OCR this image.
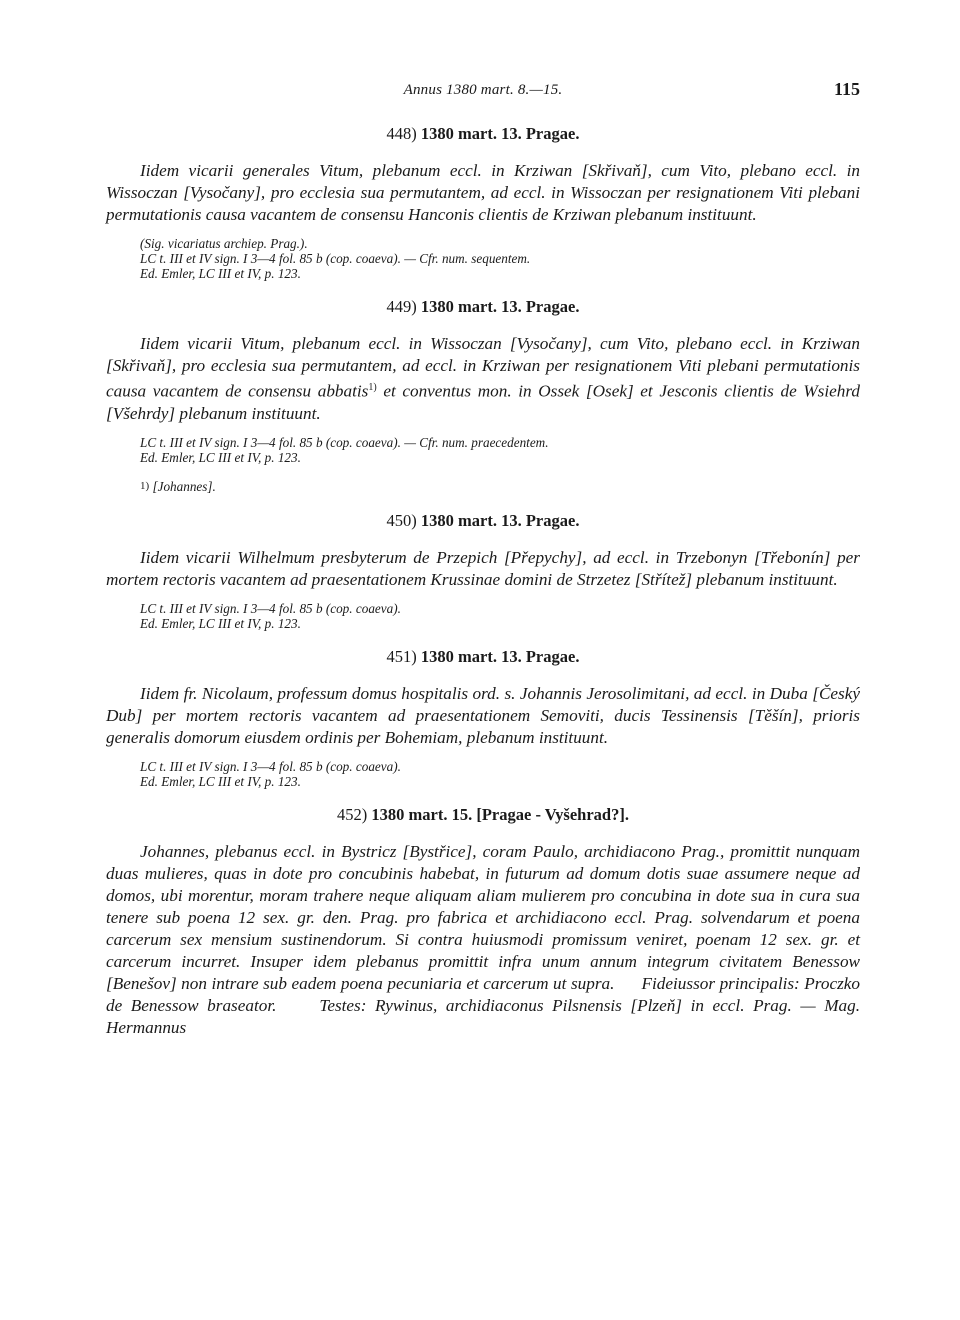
Annus 1380 mart. 8.—15.	115
448) 1380 mart. 13. Pragae.

Iidem vicarii generales Vitum, plebanum eccl. in Krziwan [Skřivaň], cum Vito, plebano eccl. in Wissoczan [Vysočany], pro ecclesia sua permutantem, ad eccl. in Wissoczan per resignationem Viti plebani permutationis causa vacantem de consensu Hanconis clientis de Krziwan plebanum instituunt.

(Sig. vicariatus archiep. Prag.).
LC t. III et IV sign. I 3—4 fol. 85 b (cop. coaeva). — Cfr. num. sequentem.
Ed. Emler, LC III et IV, p. 123.
449) 1380 mart. 13. Pragae.

Iidem vicarii Vitum, plebanum eccl. in Wissoczan [Vysočany], cum Vito, plebano eccl. in Krziwan [Skřivaň], pro ecclesia sua permutantem, ad eccl. in Krziwan per resignationem Viti plebani permutationis causa vacantem de consensu abbatis$^{1)}$ et conventus mon. in Ossek [Osek] et Jesconis clientis de Wsiehrd [Všehrdy] plebanum instituunt.

LC t. III et IV sign. I 3—4 fol. 85 b (cop. coaeva). — Cfr. num. praecedentem.
Ed. Emler, LC III et IV, p. 123.
1) [Johannes].
450) 1380 mart. 13. Pragae.

Iidem vicarii Wilhelmum presbyterum de Przepich [Přepychy], ad eccl. in Trzebonyn [Třebonín] per mortem rectoris vacantem ad praesentationem Krussinae domini de Strzetez [Střítež] plebanum instituunt.

LC t. III et IV sign. I 3—4 fol. 85 b (cop. coaeva).
Ed. Emler, LC III et IV, p. 123.
451) 1380 mart. 13. Pragae.

Iidem fr. Nicolaum, professum domus hospitalis ord. s. Johannis Jerosolimitani, ad eccl. in Duba [Český Dub] per mortem rectoris vacantem ad praesentationem Semoviti, ducis Tessinensis [Těšín], prioris generalis domorum eiusdem ordinis per Bohemiam, plebanum instituunt.

LC t. III et IV sign. I 3—4 fol. 85 b (cop. coaeva).
Ed. Emler, LC III et IV, p. 123.
452) 1380 mart. 15. [Pragae - Vyšehrad?].

Johannes, plebanus eccl. in Bystricz [Bystřice], coram Paulo, archidiacono Prag., promittit nunquam duas mulieres, quas in dote pro concubinis habebat, in futurum ad domum dotis suae assumere neque ad domos, ubi morentur, moram trahere neque aliquam aliam mulierem pro concubina in dote sua in cura sua tenere sub poena 12 sex. gr. den. Prag. pro fabrica et archidiacono eccl. Prag. solvendarum et poena carcerum sex mensium sustinendorum. Si contra huiusmodi promissum veniret, poenam 12 sex. gr. et carcerum incurret. Insuper idem plebanus promittit infra unum annum integrum civitatem Benessow [Benešov] non intrare sub eadem poena pecuniaria et carcerum ut supra.      Fideiussor principalis: Proczko de Benessow braseator.     Testes: Rywinus, archidiaconus Pilsnensis [Plzeň] in eccl. Prag. — Mag. Hermannus
